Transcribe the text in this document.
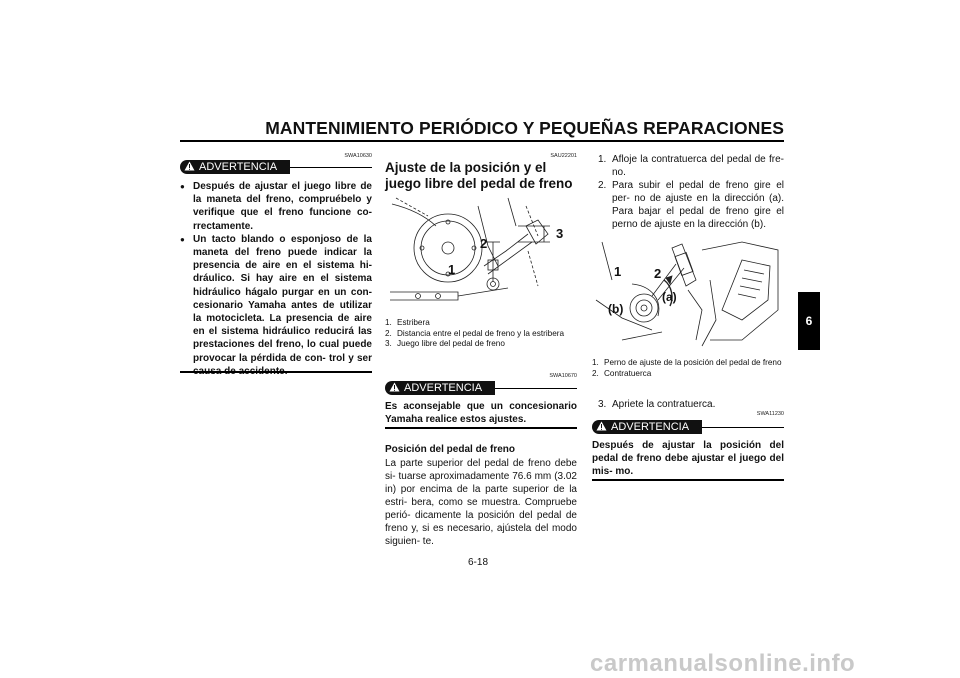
MANTENIMIENTO PERIÓDICO Y PEQUEÑAS REPARACIONES
6
SWA10630
ADVERTENCIA
● Después de ajustar el juego libre de la maneta del freno, compruébelo y verifique que el freno funcione co- rrectamente.
● Un tacto blando o esponjoso de la maneta del freno puede indicar la presencia de aire en el sistema hi- dráulico. Si hay aire en el sistema hidráulico hágalo purgar en un con- cesionario Yamaha antes de utilizar la motocicleta. La presencia de aire en el sistema hidráulico reducirá las prestaciones del freno, lo cual puede provocar la pérdida de con- trol y ser
SAU22201
Ajuste de la posición y el juego libre del pedal de freno
1
2
3
1. Estribera
2. Distancia entre el pedal de freno y la estribera
3. Juego libre del pedal de freno
SWA10670
ADVERTENCIA
Es aconsejable que un concesionario Yamaha realice estos ajustes.
Posición del pedal de freno
La parte superior del pedal de freno debe si- tuarse aproximadamente 76.6 mm (3.02 in) por encima de la parte superior de la estri- bera, como se muestra. Compruebe perió- dicamente la posición del pedal de freno y, si es necesario, ajústela del modo siguien- te.
1. Afloje la contratuerca del pedal de fre- no.
2. Para subir el pedal de freno gire el per- no de ajuste en la dirección (a). Para bajar el pedal de freno gire el perno de ajuste en la dirección (b).
1	2
(a)
(b)
1. Perno de ajuste de la posición del pedal de freno
2. Contratuerca
3. Apriete la contratuerca.
SWA11230
ADVERTENCIA
Después de ajustar la posición del pedal de freno debe ajustar el juego del mis- mo.
6-18
carmanualsonline.info
